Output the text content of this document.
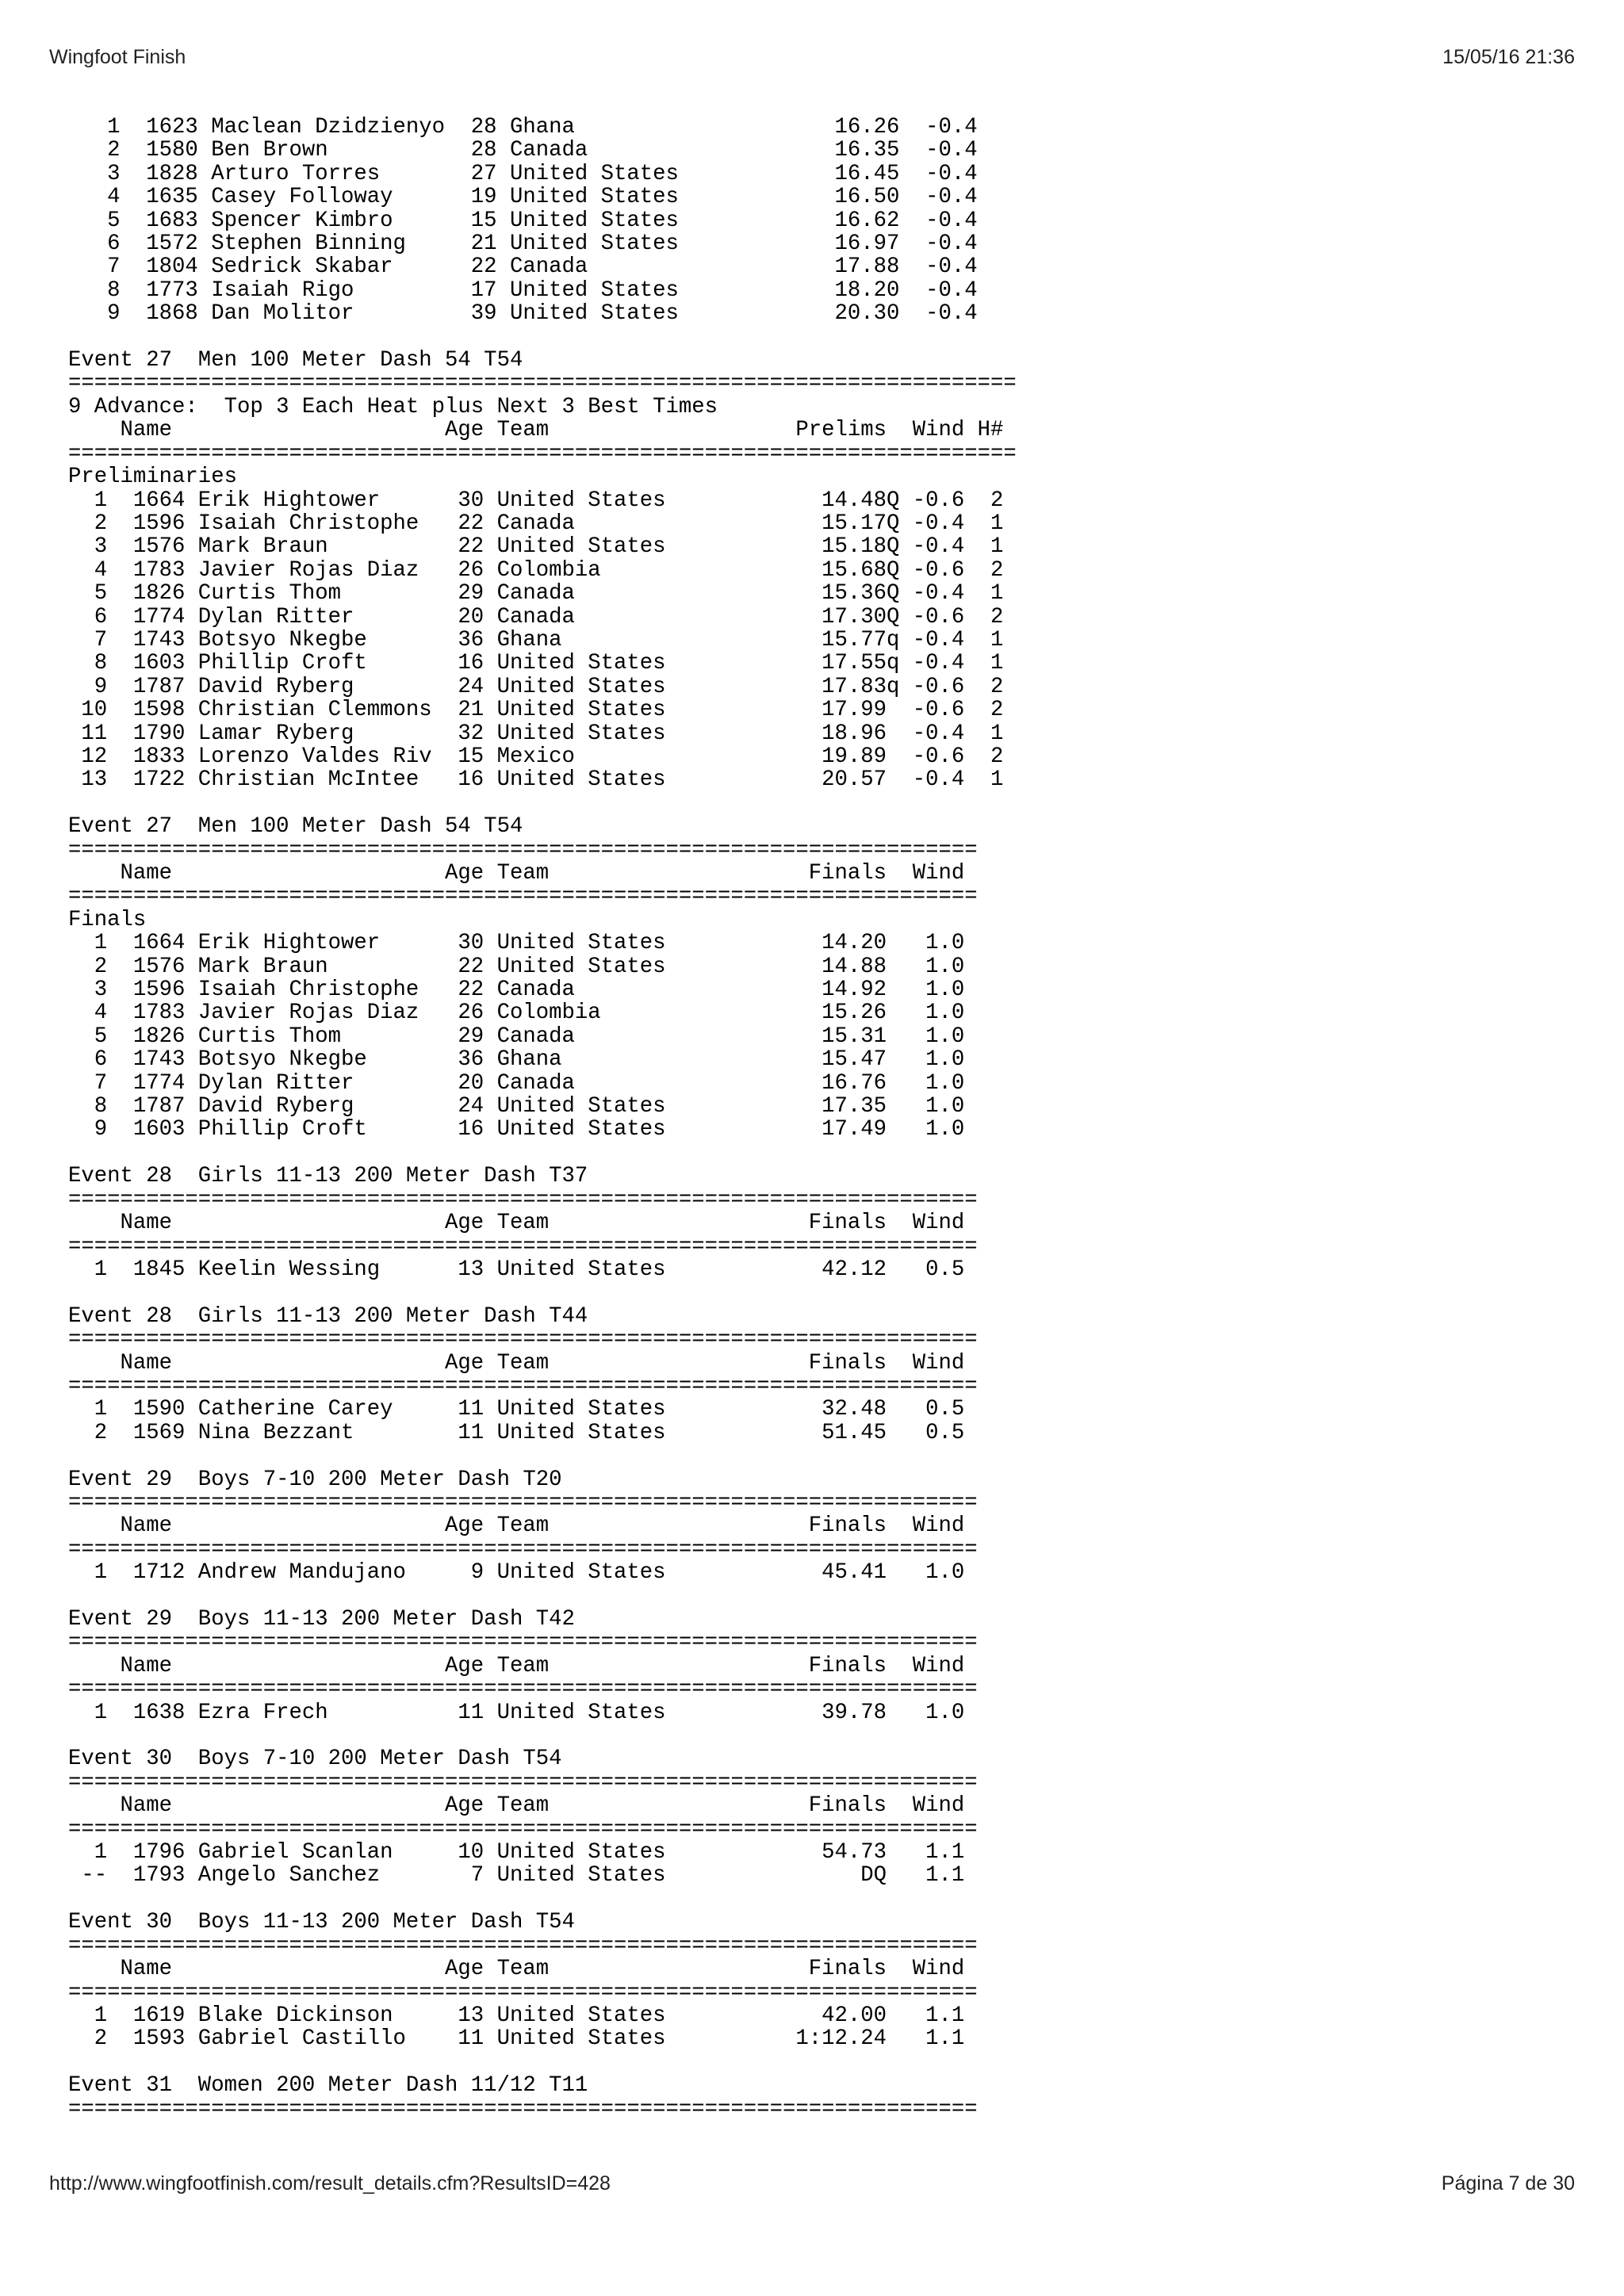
Wingfoot Finish	15/05/16 21:36
1  1623 Maclean Dzidzienyo  28 Ghana                    16.26  -0.4
2  1580 Ben Brown           28 Canada                   16.35  -0.4
3  1828 Arturo Torres       27 United States            16.45  -0.4
4  1635 Casey Followay      19 United States            16.50  -0.4
5  1683 Spencer Kimbro      15 United States            16.62  -0.4
6  1572 Stephen Binning     21 United States            16.97  -0.4
7  1804 Sedrick Skabar      22 Canada                   17.88  -0.4
8  1773 Isaiah Rigo         17 United States            18.20  -0.4
9  1868 Dan Molitor         39 United States            20.30  -0.4

Event 27  Men 100 Meter Dash 54 T54
=========================================================================
9 Advance:  Top 3 Each Heat plus Next 3 Best Times
Name                     Age Team                   Prelims  Wind H#
=========================================================================
Preliminaries
1  1664 Erik Hightower      30 United States            14.48Q -0.6  2
2  1596 Isaiah Christophe   22 Canada                   15.17Q -0.4  1
3  1576 Mark Braun          22 United States            15.18Q -0.4  1
4  1783 Javier Rojas Diaz   26 Colombia                 15.68Q -0.6  2
5  1826 Curtis Thom         29 Canada                   15.36Q -0.4  1
6  1774 Dylan Ritter        20 Canada                   17.30Q -0.6  2
7  1743 Botsyo Nkegbe       36 Ghana                    15.77q -0.4  1
8  1603 Phillip Croft       16 United States            17.55q -0.4  1
9  1787 David Ryberg        24 United States            17.83q -0.6  2
10  1598 Christian Clemmons  21 United States            17.99  -0.6  2
11  1790 Lamar Ryberg        32 United States            18.96  -0.4  1
12  1833 Lorenzo Valdes Riv  15 Mexico                   19.89  -0.6  2
13  1722 Christian McIntee   16 United States            20.57  -0.4  1

Event 27  Men 100 Meter Dash 54 T54
======================================================================
Name                     Age Team                    Finals  Wind
======================================================================
Finals
1  1664 Erik Hightower      30 United States            14.20   1.0
2  1576 Mark Braun          22 United States            14.88   1.0
3  1596 Isaiah Christophe   22 Canada                   14.92   1.0
4  1783 Javier Rojas Diaz   26 Colombia                 15.26   1.0
5  1826 Curtis Thom         29 Canada                   15.31   1.0
6  1743 Botsyo Nkegbe       36 Ghana                    15.47   1.0
7  1774 Dylan Ritter        20 Canada                   16.76   1.0
8  1787 David Ryberg        24 United States            17.35   1.0
9  1603 Phillip Croft       16 United States            17.49   1.0

Event 28  Girls 11-13 200 Meter Dash T37
======================================================================
Name                     Age Team                    Finals  Wind
======================================================================
1  1845 Keelin Wessing      13 United States            42.12   0.5

Event 28  Girls 11-13 200 Meter Dash T44
======================================================================
Name                     Age Team                    Finals  Wind
======================================================================
1  1590 Catherine Carey     11 United States            32.48   0.5
2  1569 Nina Bezzant        11 United States            51.45   0.5

Event 29  Boys 7-10 200 Meter Dash T20
======================================================================
Name                     Age Team                    Finals  Wind
======================================================================
1  1712 Andrew Mandujano     9 United States            45.41   1.0

Event 29  Boys 11-13 200 Meter Dash T42
======================================================================
Name                     Age Team                    Finals  Wind
======================================================================
1  1638 Ezra Frech          11 United States            39.78   1.0

Event 30  Boys 7-10 200 Meter Dash T54
======================================================================
Name                     Age Team                    Finals  Wind
======================================================================
1  1796 Gabriel Scanlan     10 United States            54.73   1.1
--  1793 Angelo Sanchez       7 United States               DQ   1.1

Event 30  Boys 11-13 200 Meter Dash T54
======================================================================
Name                     Age Team                    Finals  Wind
======================================================================
1  1619 Blake Dickinson     13 United States            42.00   1.1
2  1593 Gabriel Castillo    11 United States          1:12.24   1.1

Event 31  Women 200 Meter Dash 11/12 T11
======================================================================
http://www.wingfootfinish.com/result_details.cfm?ResultsID=428	Página 7 de 30
